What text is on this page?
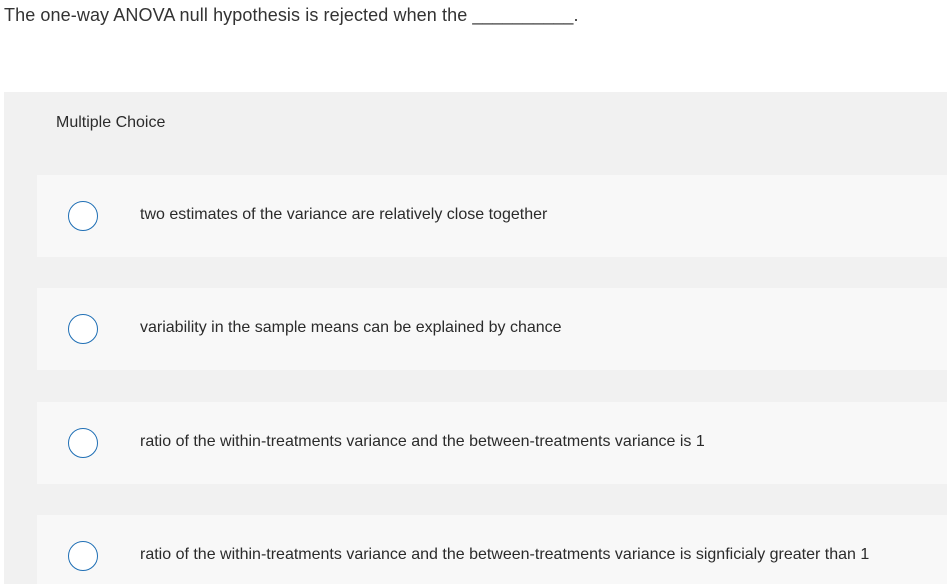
The one-way ANOVA null hypothesis is rejected when the __________.
Multiple Choice
two estimates of the variance are relatively close together
variability in the sample means can be explained by chance
ratio of the within-treatments variance and the between-treatments variance is 1
ratio of the within-treatments variance and the between-treatments variance is signficialy greater than 1
